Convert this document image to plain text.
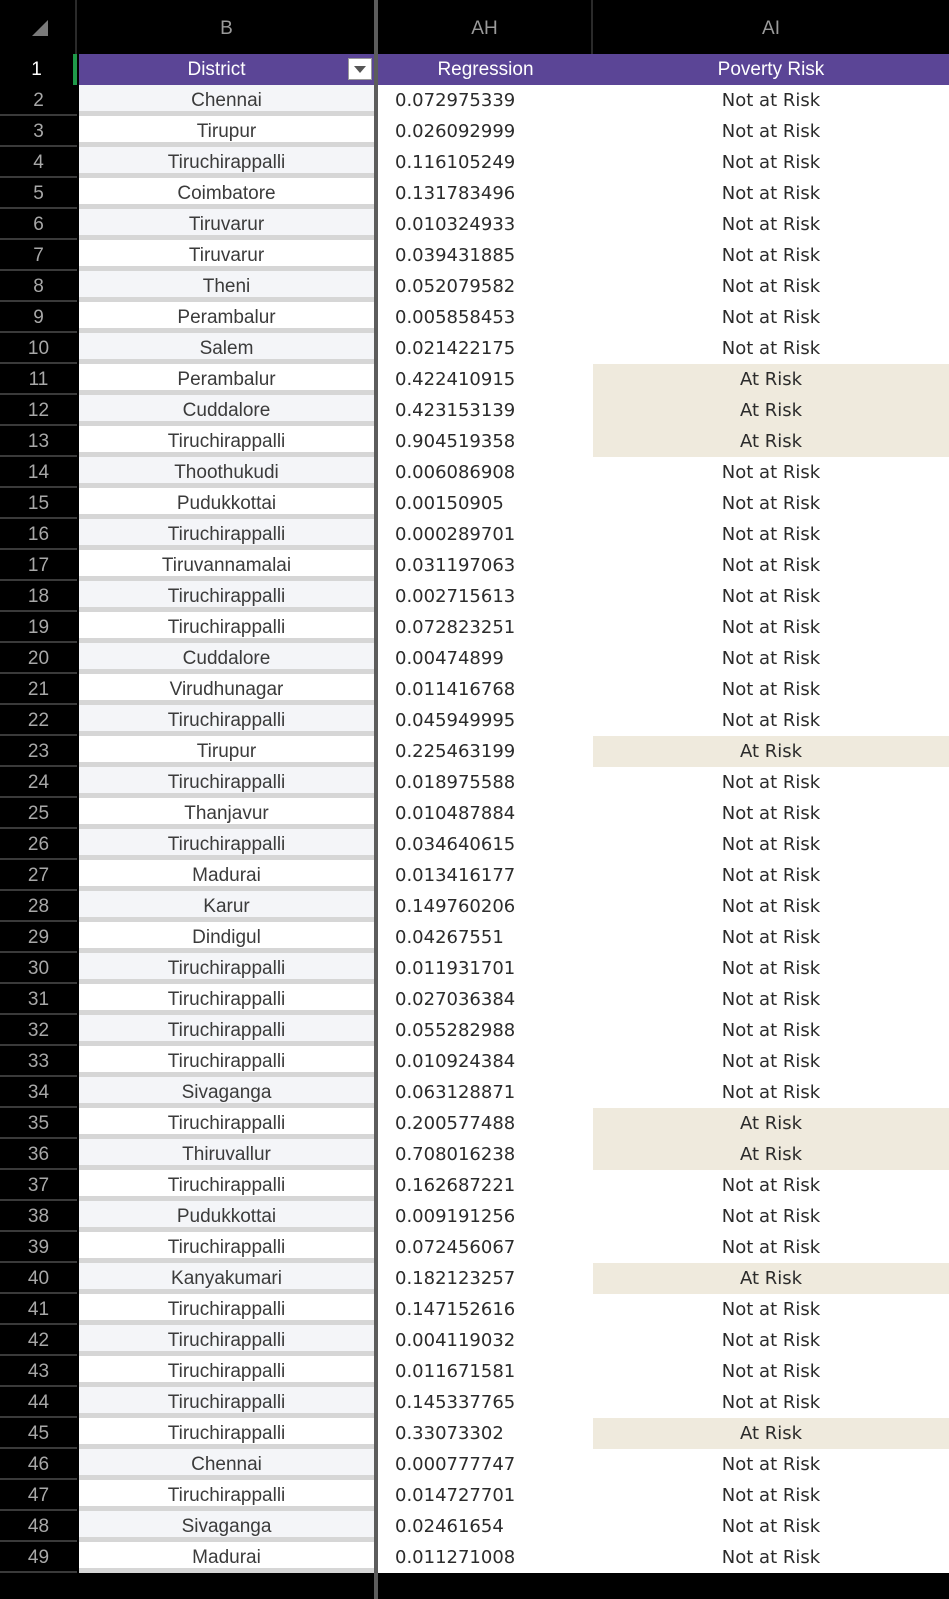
B	AH	AI
1	District	Regression	Poverty Risk
2	Chennai	0.072975339	Not at Risk
3	Tirupur	0.026092999	Not at Risk
4	Tiruchirappalli	0.116105249	Not at Risk
5	Coimbatore	0.131783496	Not at Risk
6	Tiruvarur	0.010324933	Not at Risk
7	Tiruvarur	0.039431885	Not at Risk
8	Theni	0.052079582	Not at Risk
9	Perambalur	0.005858453	Not at Risk
10	Salem	0.021422175	Not at Risk
11	Perambalur	0.422410915	At Risk
12	Cuddalore	0.423153139	At Risk
13	Tiruchirappalli	0.904519358	At Risk
14	Thoothukudi	0.006086908	Not at Risk
15	Pudukkottai	0.00150905	Not at Risk
16	Tiruchirappalli	0.000289701	Not at Risk
17	Tiruvannamalai	0.031197063	Not at Risk
18	Tiruchirappalli	0.002715613	Not at Risk
19	Tiruchirappalli	0.072823251	Not at Risk
20	Cuddalore	0.00474899	Not at Risk
21	Virudhunagar	0.011416768	Not at Risk
22	Tiruchirappalli	0.045949995	Not at Risk
23	Tirupur	0.225463199	At Risk
24	Tiruchirappalli	0.018975588	Not at Risk
25	Thanjavur	0.010487884	Not at Risk
26	Tiruchirappalli	0.034640615	Not at Risk
27	Madurai	0.013416177	Not at Risk
28	Karur	0.149760206	Not at Risk
29	Dindigul	0.04267551	Not at Risk
30	Tiruchirappalli	0.011931701	Not at Risk
31	Tiruchirappalli	0.027036384	Not at Risk
32	Tiruchirappalli	0.055282988	Not at Risk
33	Tiruchirappalli	0.010924384	Not at Risk
34	Sivaganga	0.063128871	Not at Risk
35	Tiruchirappalli	0.200577488	At Risk
36	Thiruvallur	0.708016238	At Risk
37	Tiruchirappalli	0.162687221	Not at Risk
38	Pudukkottai	0.009191256	Not at Risk
39	Tiruchirappalli	0.072456067	Not at Risk
40	Kanyakumari	0.182123257	At Risk
41	Tiruchirappalli	0.147152616	Not at Risk
42	Tiruchirappalli	0.004119032	Not at Risk
43	Tiruchirappalli	0.011671581	Not at Risk
44	Tiruchirappalli	0.145337765	Not at Risk
45	Tiruchirappalli	0.33073302	At Risk
46	Chennai	0.000777747	Not at Risk
47	Tiruchirappalli	0.014727701	Not at Risk
48	Sivaganga	0.02461654	Not at Risk
49	Madurai	0.011271008	Not at Risk
